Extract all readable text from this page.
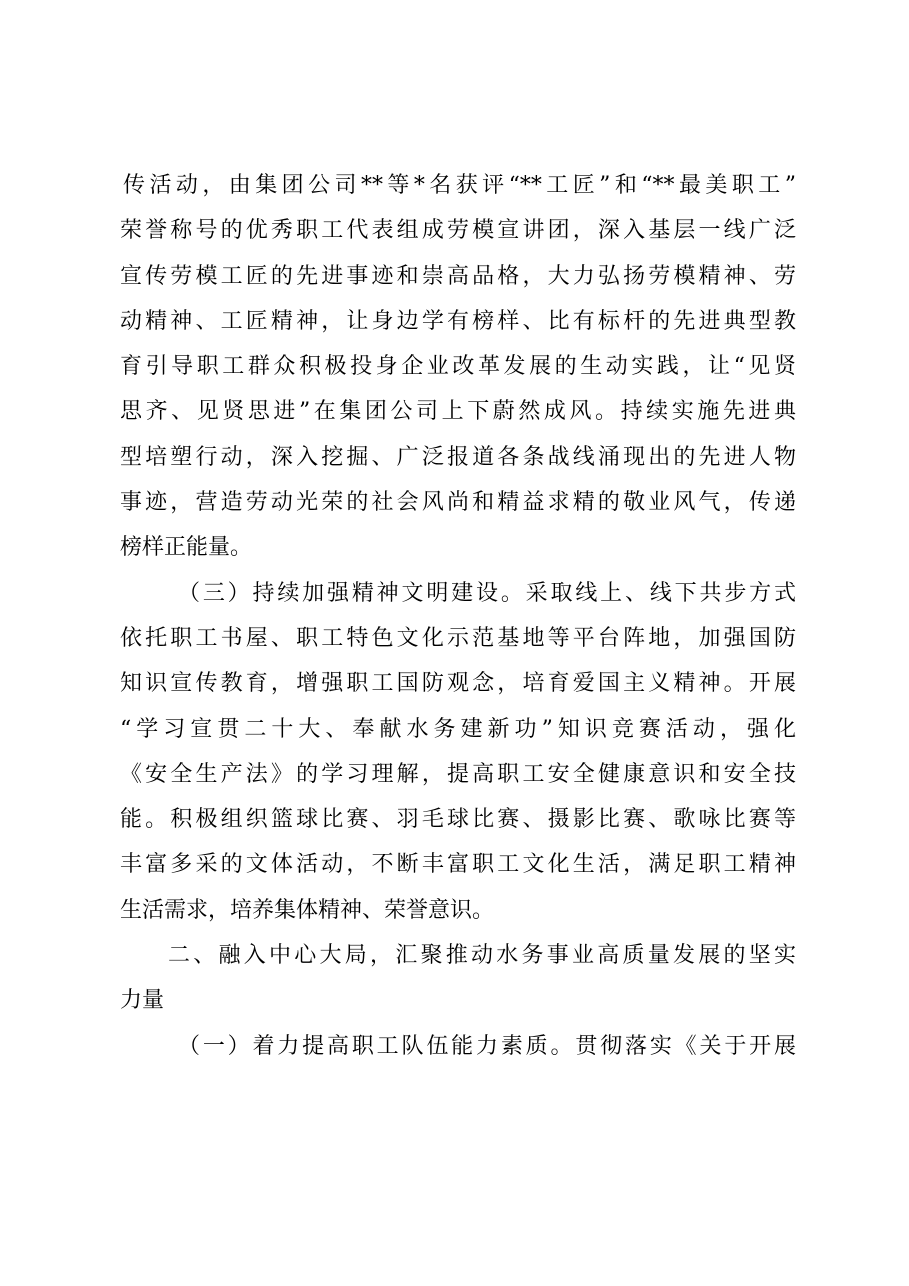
传活动，由集团公司**等*名获评“**工匠”和“**最美职工”
荣誉称号的优秀职工代表组成劳模宣讲团，深入基层一线广泛
宣传劳模工匠的先进事迹和崇高品格，大力弘扬劳模精神、劳
动精神、工匠精神，让身边学有榜样、比有标杆的先进典型教
育引导职工群众积极投身企业改革发展的生动实践，让“见贤
思齐、见贤思进”在集团公司上下蔚然成风。持续实施先进典
型培塑行动，深入挖掘、广泛报道各条战线涌现出的先进人物
事迹，营造劳动光荣的社会风尚和精益求精的敬业风气，传递
榜样正能量。
（三）持续加强精神文明建设。采取线上、线下共步方式
依托职工书屋、职工特色文化示范基地等平台阵地，加强国防
知识宣传教育，增强职工国防观念，培育爱国主义精神。开展
“学习宣贯二十大、奉献水务建新功”知识竞赛活动，强化
《安全生产法》的学习理解，提高职工安全健康意识和安全技
能。积极组织篮球比赛、羽毛球比赛、摄影比赛、歌咏比赛等
丰富多采的文体活动，不断丰富职工文化生活，满足职工精神
生活需求，培养集体精神、荣誉意识。
二、融入中心大局，汇聚推动水务事业高质量发展的坚实
力量
（一）着力提高职工队伍能力素质。贯彻落实《关于开展
